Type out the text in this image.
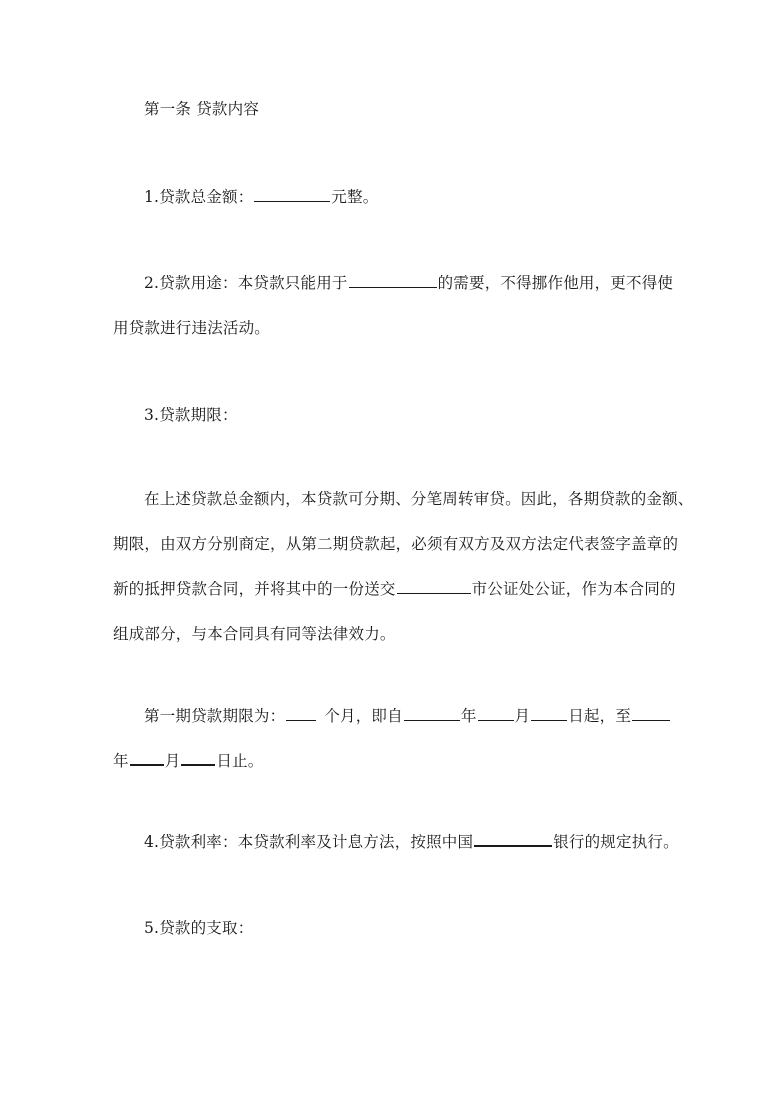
第一条 贷款内容
1.贷款总金额：	元整。
2.贷款用途：本贷款只能用于	的需要，不得挪作他用，更不得使
用贷款进行违法活动。
3.贷款期限：
在上述贷款总金额内，本贷款可分期、分笔周转审贷。因此，各期贷款的金额、
期限，由双方分别商定，从第二期贷款起，必须有双方及双方法定代表签字盖章的
新的抵押贷款合同，并将其中的一份送交	市公证处公证，作为本合同的
组成部分，与本合同具有同等法律效力。
第一期贷款期限为：	个月，即自	年 月 日起，至
年 月 日止。
4.贷款利率：本贷款利率及计息方法，按照中国	银行的规定执行。
5.贷款的支取：
